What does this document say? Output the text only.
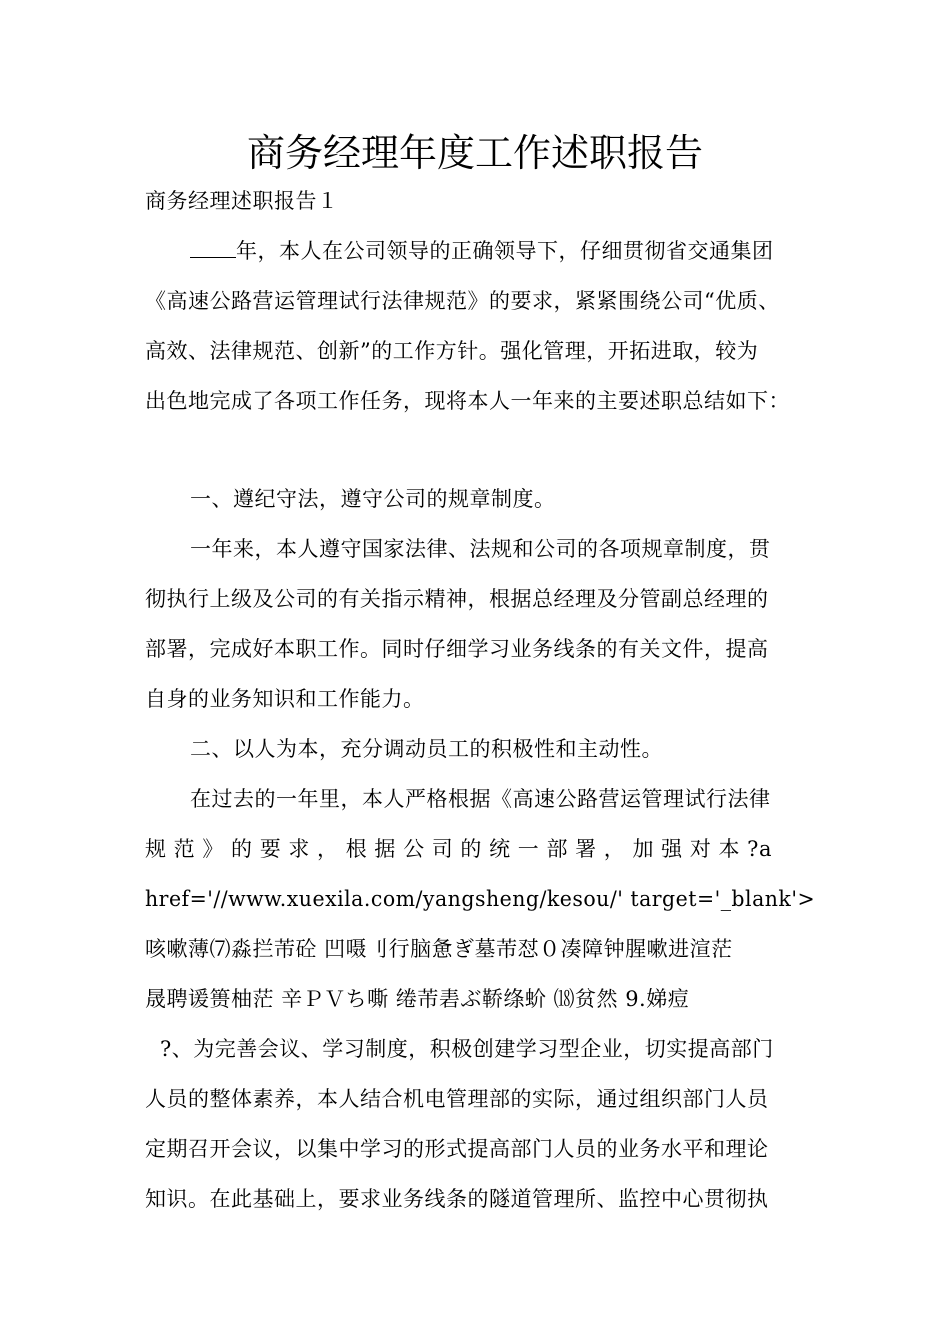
商务经理年度工作述职报告
商务经理述职报告１
年，本人在公司领导的正确领导下，仔细贯彻省交通集团
《高速公路营运管理试行法律规范》的要求，紧紧围绕公司“优质、
高效、法律规范、创新”的工作方针。强化管理，开拓进取，较为
出色地完成了各项工作任务，现将本人一年来的主要述职总结如下：
一、遵纪守法，遵守公司的规章制度。
一年来，本人遵守国家法律、法规和公司的各项规章制度，贯
彻执行上级及公司的有关指示精神，根据总经理及分管副总经理的
部署，完成好本职工作。同时仔细学习业务线条的有关文件，提高
自身的业务知识和工作能力。
二、以人为本，充分调动员工的积极性和主动性。
在过去的一年里，本人严格根据《高速公路营运管理试行法律
规 范 》 的 要 求 ， 根 据 公 司 的 统 一 部 署 ， 加 强 对 本 ?a
href='//www.xuexila.com/yangsheng/kesou/' target='_blank'>
咳嗽薄⑺淼拦芾砼 凹嗫刂行脑惫ぎ墓芾怼０凑障钟腥嗽进渲茫
晟聘谖篑柚茫 辛ＰＶち嘶 绻芾砉ぶ鞒绦蚧 ⒅贫然 9.娣痘
?、为完善会议、学习制度，积极创建学习型企业，切实提高部门
人员的整体素养，本人结合机电管理部的实际，通过组织部门人员
定期召开会议，以集中学习的形式提高部门人员的业务水平和理论
知识。在此基础上，要求业务线条的隧道管理所、监控中心贯彻执
